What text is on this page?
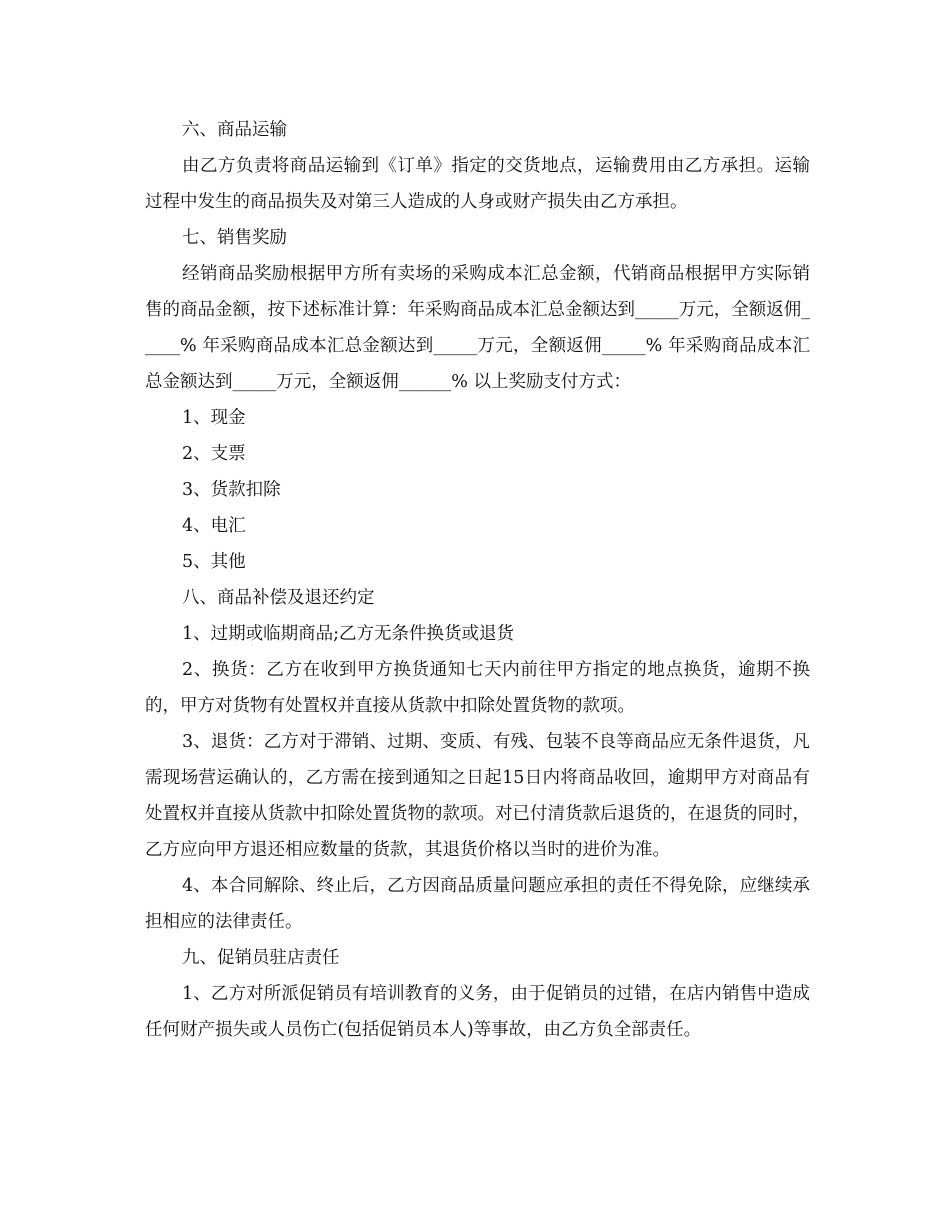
六、商品运输

由乙方负责将商品运输到《订单》指定的交货地点，运输费用由乙方承担。运输过程中发生的商品损失及对第三人造成的人身或财产损失由乙方承担。

七、销售奖励

经销商品奖励根据甲方所有卖场的采购成本汇总金额，代销商品根据甲方实际销售的商品金额，按下述标准计算：年采购商品成本汇总金额达到_____万元，全额返佣_____% 年采购商品成本汇总金额达到_____万元，全额返佣_____% 年采购商品成本汇总金额达到_____万元，全额返佣______% 以上奖励支付方式：

1、现金

2、支票

3、货款扣除

4、电汇

5、其他

八、商品补偿及退还约定

1、过期或临期商品;乙方无条件换货或退货

2、换货：乙方在收到甲方换货通知七天内前往甲方指定的地点换货，逾期不换的，甲方对货物有处置权并直接从货款中扣除处置货物的款项。

3、退货：乙方对于滞销、过期、变质、有残、包装不良等商品应无条件退货，凡需现场营运确认的，乙方需在接到通知之日起15日内将商品收回，逾期甲方对商品有处置权并直接从货款中扣除处置货物的款项。对已付清货款后退货的，在退货的同时，乙方应向甲方退还相应数量的货款，其退货价格以当时的进价为准。

4、本合同解除、终止后，乙方因商品质量问题应承担的责任不得免除，应继续承担相应的法律责任。

九、促销员驻店责任

1、乙方对所派促销员有培训教育的义务，由于促销员的过错，在店内销售中造成任何财产损失或人员伤亡(包括促销员本人)等事故，由乙方负全部责任。
